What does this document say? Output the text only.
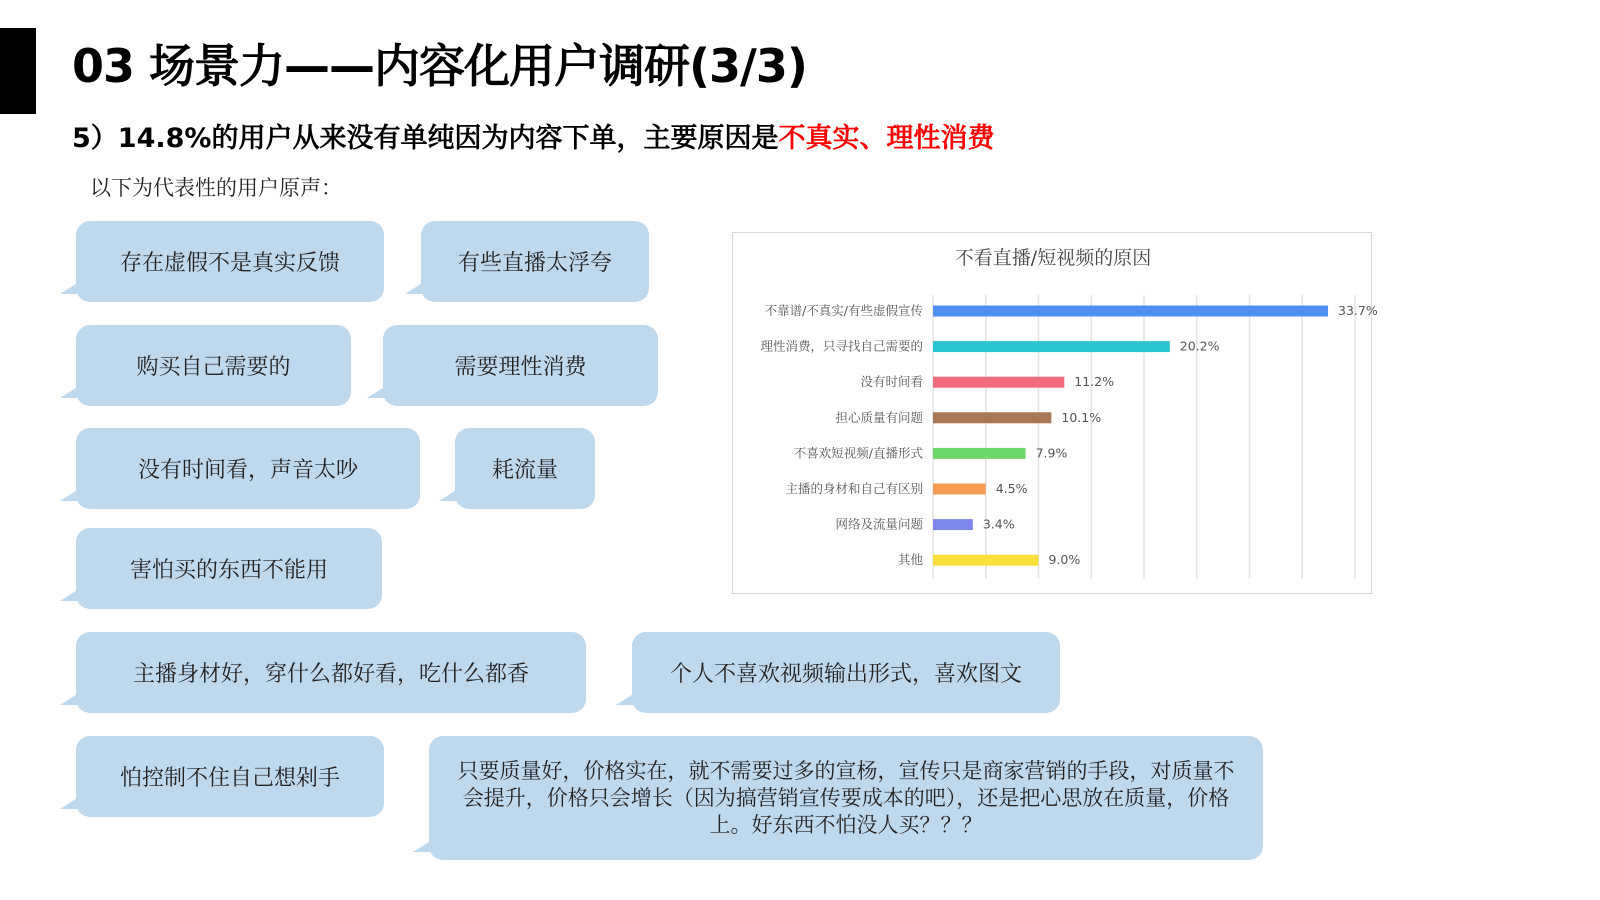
03 场景力——内容化用户调研(3/3)

5）14.8%的用户从来没有单纯因为内容下单，主要原因是不真实、理性消费

以下为代表性的用户原声：

存在虚假不是真实反馈	有些直播太浮夸
购买自己需要的	需要理性消费
没有时间看，声音太吵	耗流量
害怕买的东西不能用
主播身材好，穿什么都好看，吃什么都香	个人不喜欢视频输出形式，喜欢图文
怕控制不住自己想剁手	只要质量好，价格实在，就不需要过多的宣杨，宣传只是商家营销的手段，对质量不会提升，价格只会增长（因为搞营销宣传要成本的吧），还是把心思放在质量，价格上。好东西不怕没人买？？？
不看直播/短视频的原因
不靠谱/不真实/有些虚假宣传
理性消费，只寻找自己需要的
没有时间看
担心质量有问题
不喜欢短视频/直播形式
主播的身材和自己有区别
网络及流量问题
其他
33.7%
20.2%
11.2%
10.1%
7.9%
4.5%
3.4%
9.0%
